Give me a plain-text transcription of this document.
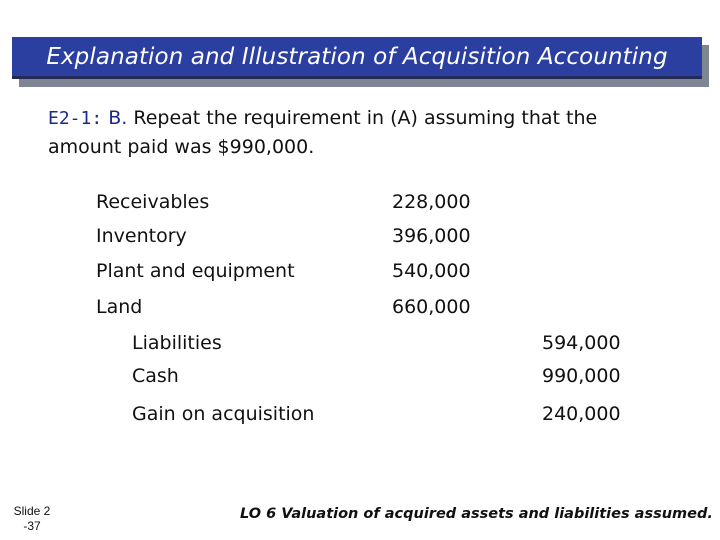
Explanation and Illustration of Acquisition Accounting
E2-1: B. Repeat the requirement in (A) assuming that the
amount paid was $990,000.
Receivables	228,000
Inventory	396,000
Plant and equipment	540,000
Land	660,000
Liabilities	594,000
Cash	990,000
Gain on acquisition	240,000
Slide 2
-37
LO 6 Valuation of acquired assets and liabilities assumed.
